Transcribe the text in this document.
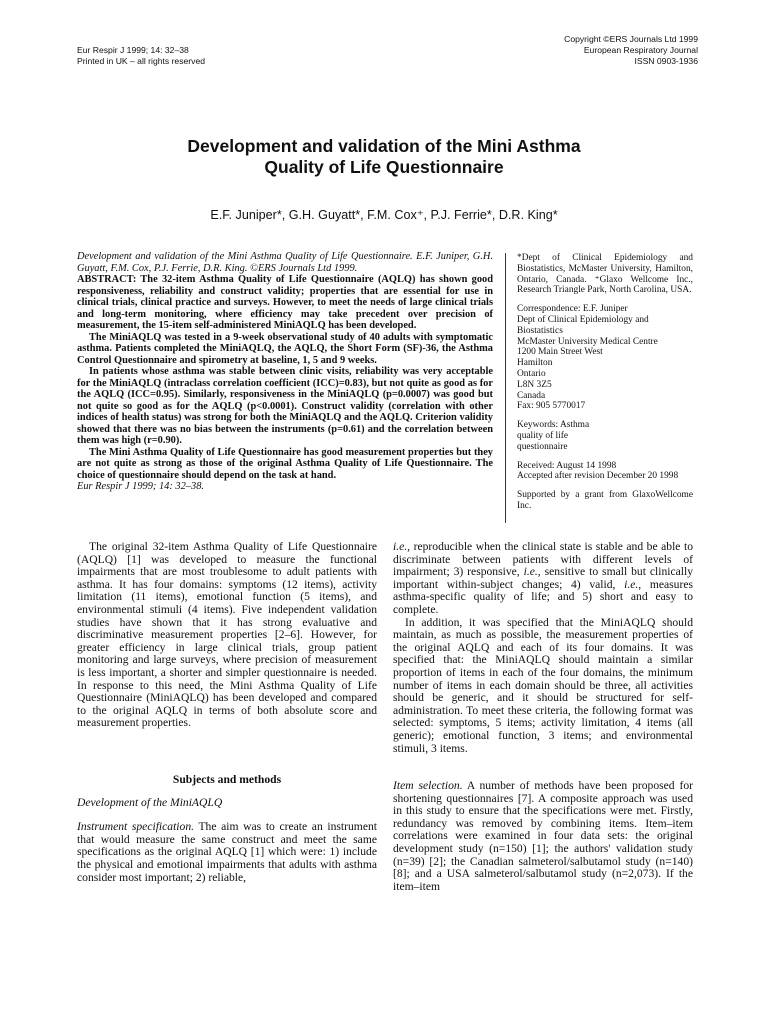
Eur Respir J 1999; 14: 32–38
Printed in UK – all rights reserved
Copyright ©ERS Journals Ltd 1999
European Respiratory Journal
ISSN 0903-1936
Development and validation of the Mini Asthma
Quality of Life Questionnaire
E.F. Juniper*, G.H. Guyatt*, F.M. Cox⁺, P.J. Ferrie*, D.R. King*

Development and validation of the Mini Asthma Quality of Life Questionnaire. E.F. Juniper, G.H. Guyatt, F.M. Cox, P.J. Ferrie, D.R. King. ©ERS Journals Ltd 1999.

ABSTRACT: The 32-item Asthma Quality of Life Questionnaire (AQLQ) has shown good responsiveness, reliability and construct validity; properties that are essential for use in clinical trials, clinical practice and surveys. However, to meet the needs of large clinical trials and long-term monitoring, where efficiency may take precedent over precision of measurement, the 15-item self-administered MiniAQLQ has been developed.

The MiniAQLQ was tested in a 9-week observational study of 40 adults with symptomatic asthma. Patients completed the MiniAQLQ, the AQLQ, the Short Form (SF)-36, the Asthma Control Questionnaire and spirometry at baseline, 1, 5 and 9 weeks.

In patients whose asthma was stable between clinic visits, reliability was very acceptable for the MiniAQLQ (intraclass correlation coefficient (ICC)=0.83), but not quite as good as for the AQLQ (ICC=0.95). Similarly, responsiveness in the MiniAQLQ (p=0.0007) was good but not quite so good as for the AQLQ (p<0.0001). Construct validity (correlation with other indices of health status) was strong for both the MiniAQLQ and the AQLQ. Criterion validity showed that there was no bias between the instruments (p=0.61) and the correlation between them was high (r=0.90).

The Mini Asthma Quality of Life Questionnaire has good measurement properties but they are not quite as strong as those of the original Asthma Quality of Life Questionnaire. The choice of questionnaire should depend on the task at hand.

Eur Respir J 1999; 14: 32–38.

*Dept of Clinical Epidemiology and Biostatistics, McMaster University, Hamilton, Ontario, Canada. ⁺Glaxo Wellcome Inc., Research Triangle Park, North Carolina, USA.

Correspondence: E.F. Juniper
Dept of Clinical Epidemiology and Biostatistics
McMaster University Medical Centre
1200 Main Street West
Hamilton
Ontario
L8N 3Z5
Canada
Fax: 905 5770017

Keywords: Asthma
quality of life
questionnaire

Received: August 14 1998
Accepted after revision December 20 1998

Supported by a grant from GlaxoWellcome Inc.

The original 32-item Asthma Quality of Life Questionnaire (AQLQ) [1] was developed to measure the functional impairments that are most troublesome to adult patients with asthma. It has four domains: symptoms (12 items), activity limitation (11 items), emotional function (5 items), and environmental stimuli (4 items). Five independent validation studies have shown that it has strong evaluative and discriminative measurement properties [2–6]. However, for greater efficiency in large clinical trials, group patient monitoring and large surveys, where precision of measurement is less important, a shorter and simpler questionnaire is needed. In response to this need, the Mini Asthma Quality of Life Questionnaire (MiniAQLQ) has been developed and compared to the original AQLQ in terms of both absolute score and measurement properties.

i.e., reproducible when the clinical state is stable and be able to discriminate between patients with different levels of impairment; 3) responsive, i.e., sensitive to small but clinically important within-subject changes; 4) valid, i.e., measures asthma-specific quality of life; and 5) short and easy to complete.

In addition, it was specified that the MiniAQLQ should maintain, as much as possible, the measurement properties of the original AQLQ and each of its four domains. It was specified that: the MiniAQLQ should maintain a similar proportion of items in each of the four domains, the minimum number of items in each domain should be three, all activities should be generic, and it should be structured for self-administration. To meet these criteria, the following format was selected: symptoms, 5 items; activity limitation, 4 items (all generic); emotional function, 3 items; and environmental stimuli, 3 items.

Subjects and methods

Development of the MiniAQLQ

Instrument specification. The aim was to create an instrument that would measure the same construct and meet the same specifications as the original AQLQ [1] which were: 1) include the physical and emotional impairments that adults with asthma consider most important; 2) reliable,

Item selection. A number of methods have been proposed for shortening questionnaires [7]. A composite approach was used in this study to ensure that the specifications were met. Firstly, redundancy was removed by combining items. Item–item correlations were examined in four data sets: the original development study (n=150) [1]; the authors' validation study (n=39) [2]; the Canadian salmeterol/salbutamol study (n=140) [8]; and a USA salmeterol/salbutamol study (n=2,073). If the item–item
